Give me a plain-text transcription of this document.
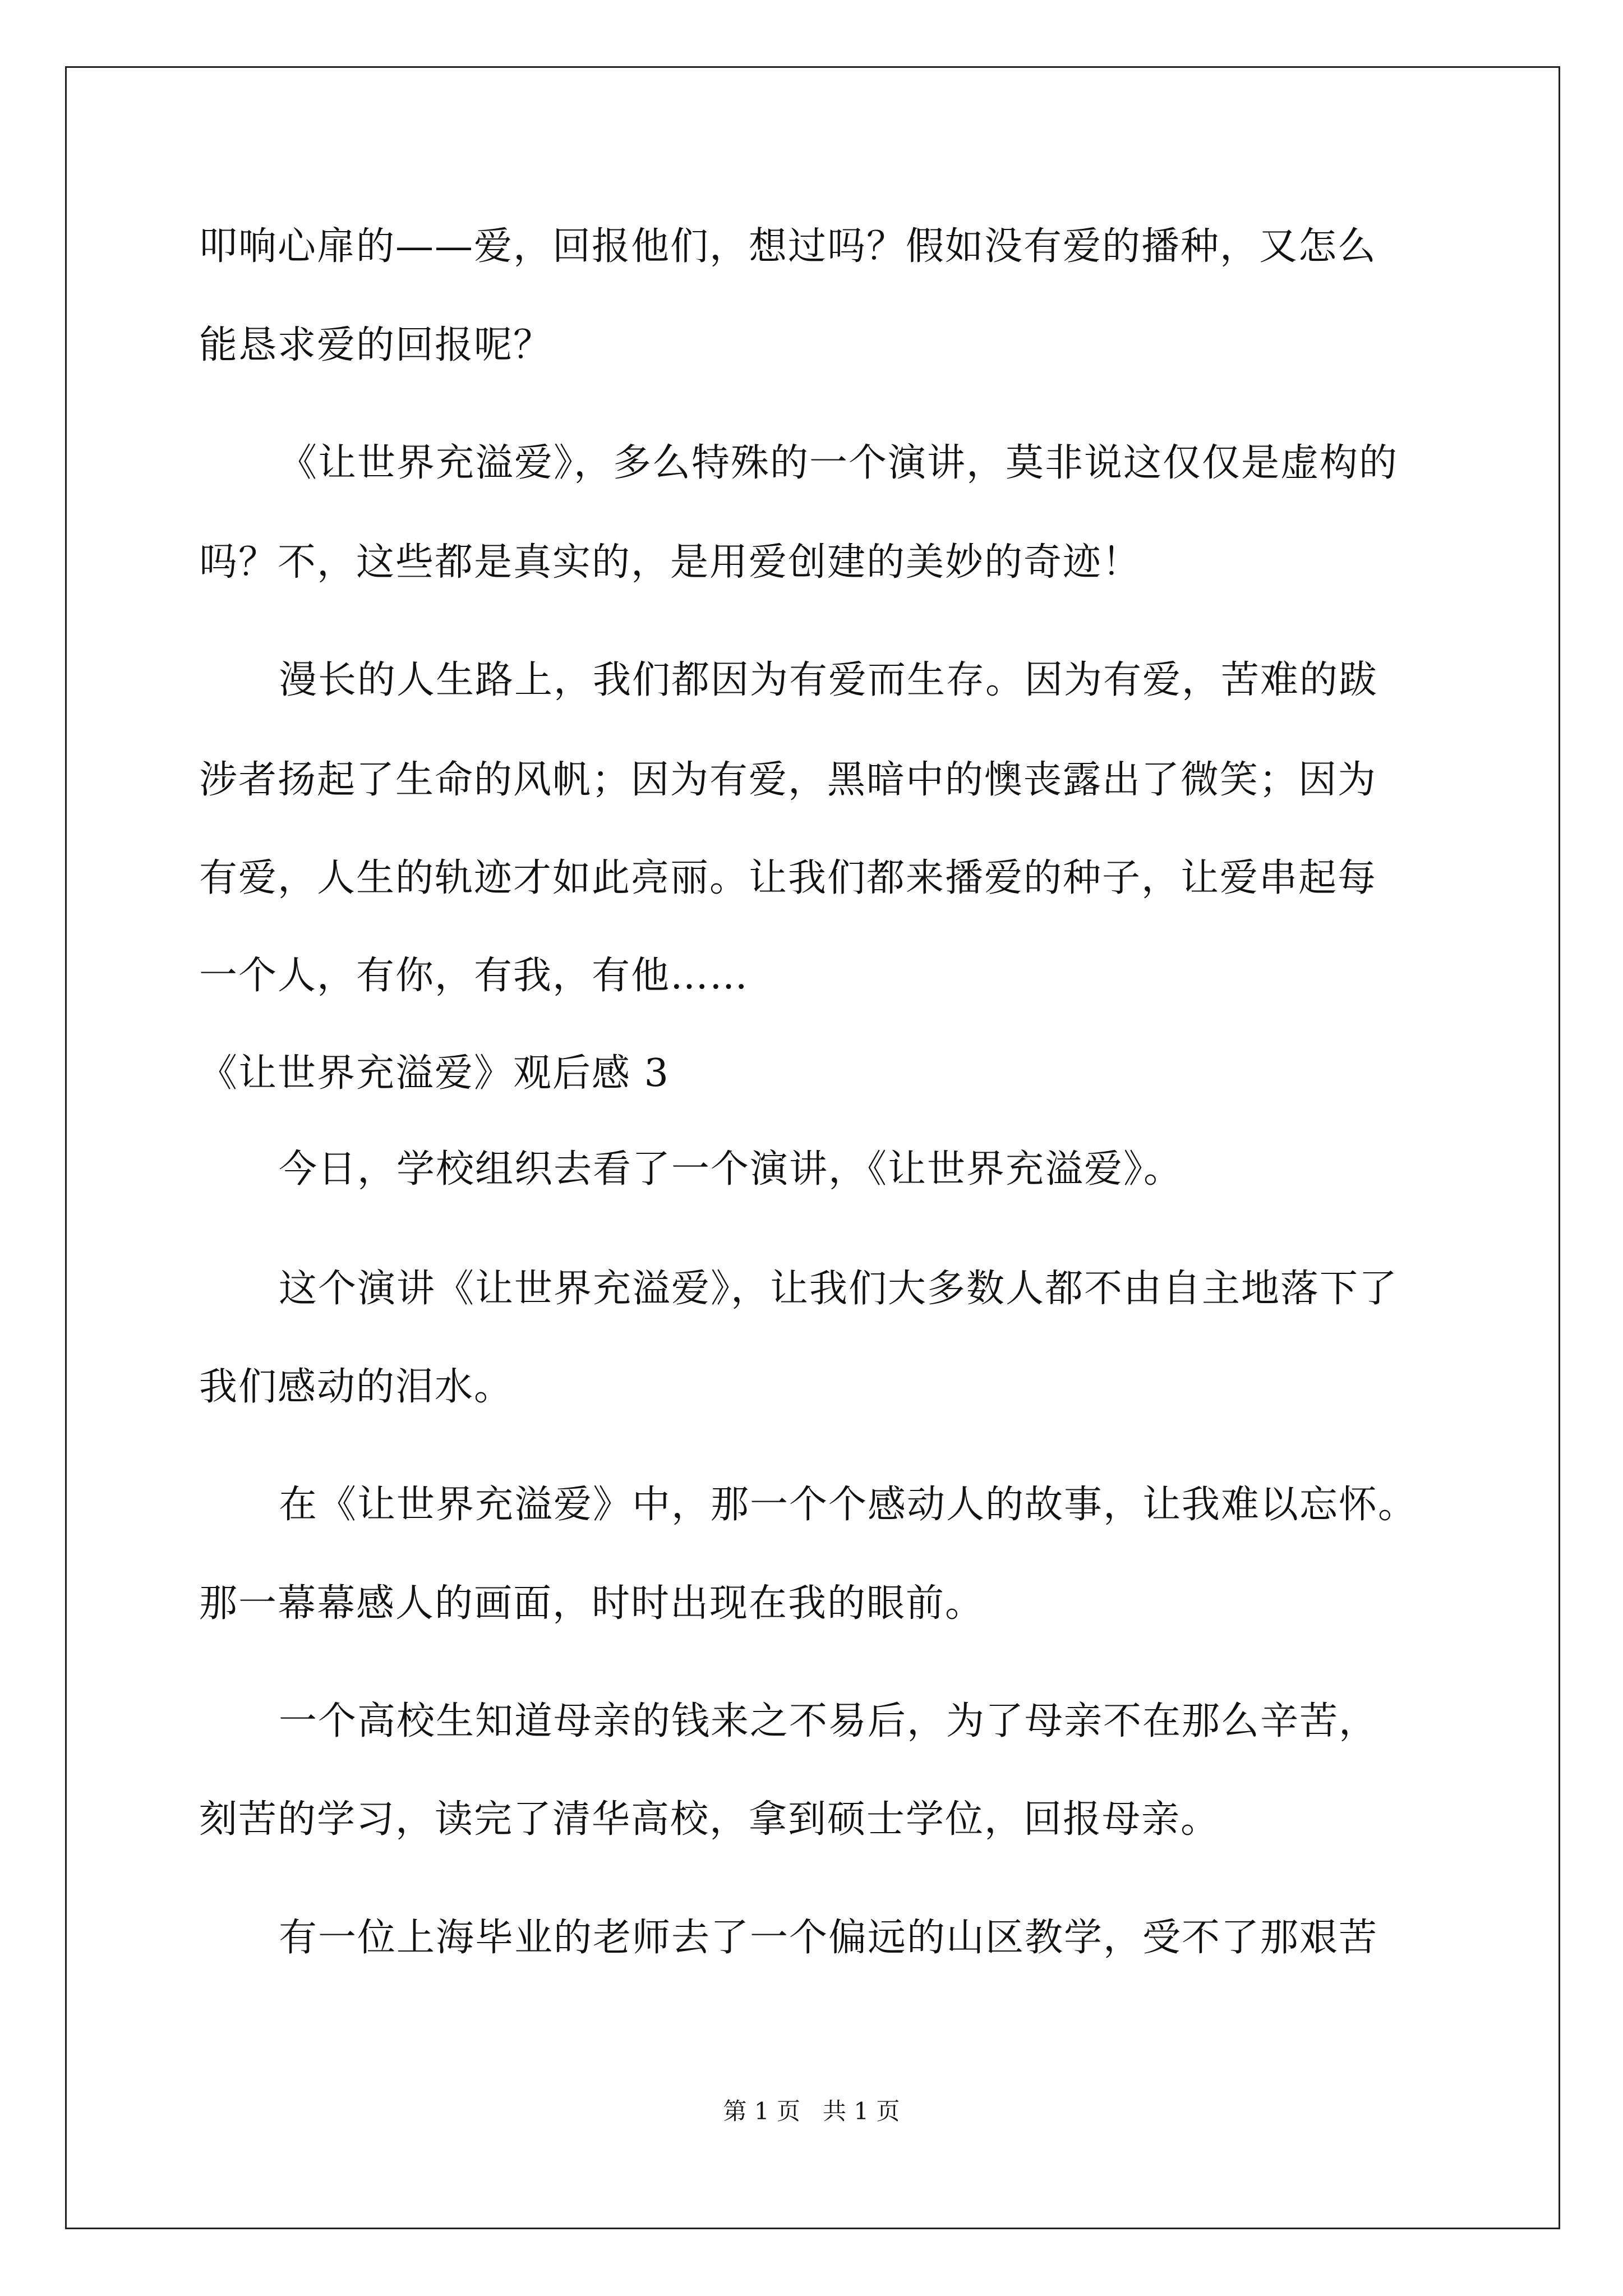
叩响心扉的——爱，回报他们，想过吗？假如没有爱的播种，又怎么
能恳求爱的回报呢？
《让世界充溢爱》，多么特殊的一个演讲，莫非说这仅仅是虚构的
吗？不，这些都是真实的，是用爱创建的美妙的奇迹！
漫长的人生路上，我们都因为有爱而生存。因为有爱，苦难的跋
涉者扬起了生命的风帆；因为有爱，黑暗中的懊丧露出了微笑；因为
有爱，人生的轨迹才如此亮丽。让我们都来播爱的种子，让爱串起每
一个人，有你，有我，有他……
《让世界充溢爱》观后感 3
今日，学校组织去看了一个演讲，《让世界充溢爱》。
这个演讲《让世界充溢爱》，让我们大多数人都不由自主地落下了
我们感动的泪水。
在《让世界充溢爱》中，那一个个感动人的故事，让我难以忘怀。
那一幕幕感人的画面，时时出现在我的眼前。
一个高校生知道母亲的钱来之不易后，为了母亲不在那么辛苦，
刻苦的学习，读完了清华高校，拿到硕士学位，回报母亲。
有一位上海毕业的老师去了一个偏远的山区教学，受不了那艰苦
第 1 页   共 1 页
